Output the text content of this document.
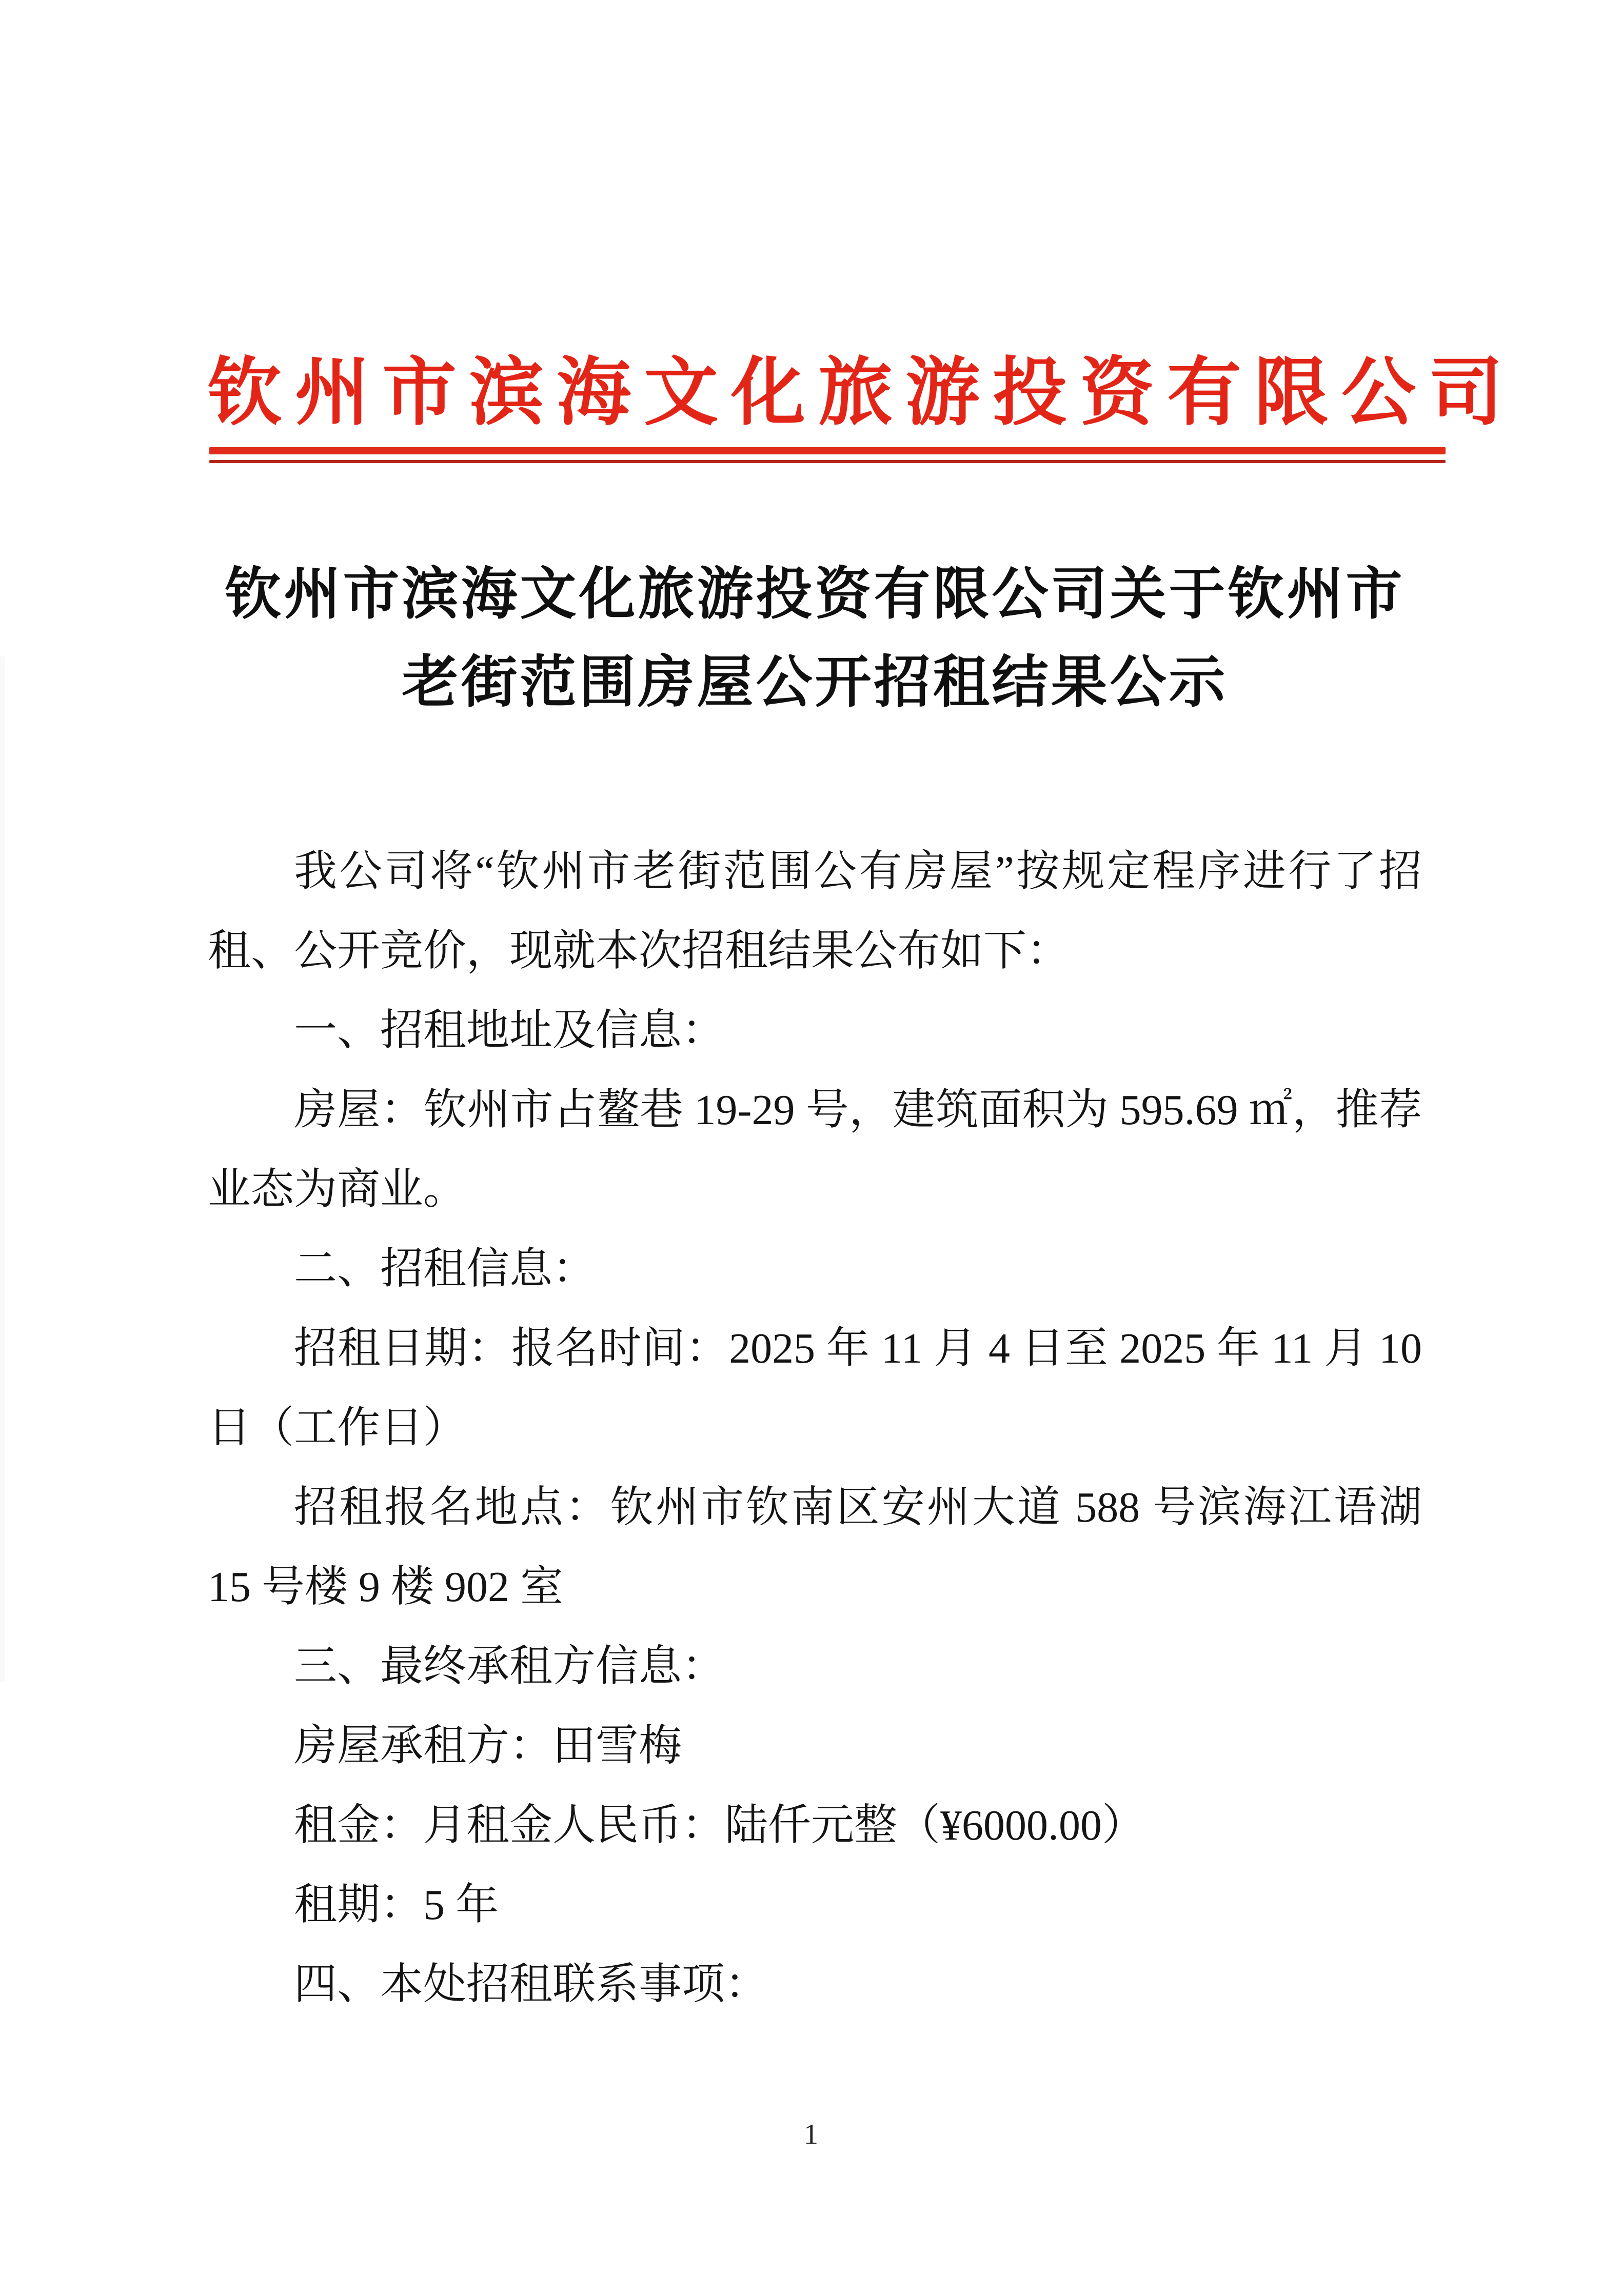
钦州市滨海文化旅游投资有限公司
钦州市滨海文化旅游投资有限公司关于钦州市
老街范围房屋公开招租结果公示

我公司将“钦州市老街范围公有房屋”按规定程序进行了招租、公开竞价，现就本次招租结果公布如下：

一、招租地址及信息：

房屋：钦州市占鳌巷 19-29 号，建筑面积为 595.69 ㎡，推荐业态为商业。

二、招租信息：

招租日期：报名时间：2025 年 11 月 4 日至 2025 年 11 月 10 日（工作日）

招租报名地点：钦州市钦南区安州大道 588 号滨海江语湖 15 号楼 9 楼 902 室

三、最终承租方信息：

房屋承租方：田雪梅

租金：月租金人民币：陆仟元整（¥6000.00）

租期：5 年

四、本处招租联系事项：

1
